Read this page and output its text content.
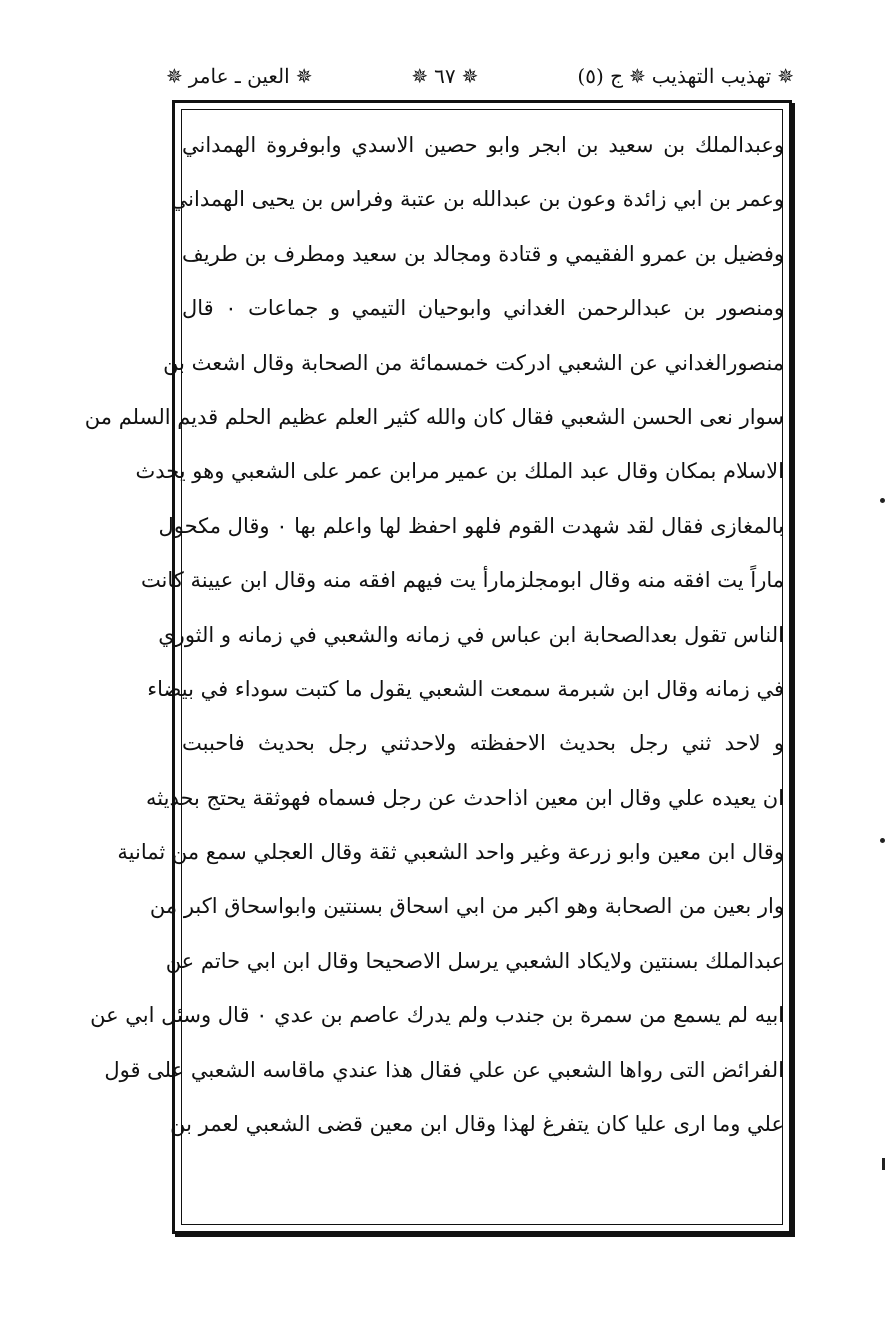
ج (٥) ✵ تهذيب التهذيب ✵
✵ ٦٧ ✵
✵ العين ـ عامر ✵
وعبدالملك بن سعيد بن ابجر وابو حصين الاسدي وابوفروة الهمداني
وعمر بن ابي زائدة وعون بن عبدالله بن عتبة وفراس بن يحيى الهمداني
وفضيل بن عمرو الفقيمي و قتادة ومجالد بن سعيد ومطرف بن طريف
ومنصور بن عبدالرحمن الغداني وابوحيان التيمي و جماعات ٠ قال
منصورالغداني عن الشعبي ادركت خمسمائة من الصحابة وقال اشعث بن
سوار نعى الحسن الشعبي فقال كان والله كثير العلم عظيم الحلم قديم السلم من
الاسلام بمكان وقال عبد الملك بن عمير مرابن عمر على الشعبي وهو يحدث
بالمغازى فقال لقد شهدت القوم فلهو احفظ لها واعلم بها ٠ وقال مكحول
ماراً يت افقه منه وقال ابومجلزمارأ يت فيهم افقه منه وقال ابن عيينة كانت
الناس تقول بعدالصحابة ابن عباس في زمانه والشعبي في زمانه و الثوري
في زمانه وقال ابن شبرمة سمعت الشعبي يقول ما كتبت سوداء في بيضاء
و لاحد ثني رجل بحديث الاحفظته ولاحدثني رجل بحديث فاحببت
ان يعيده علي وقال ابن معين اذاحدث عن رجل فسماه فهوثقة يحتج بحديثه
وقال ابن معين وابو زرعة وغير واحد الشعبي ثقة وقال العجلي سمع من ثمانية
وار بعين من الصحابة وهو اكبر من ابي اسحاق بسنتين وابواسحاق اكبر من
عبدالملك بسنتين ولايكاد الشعبي يرسل الاصحيحا وقال ابن ابي حاتم عن
ابيه لم يسمع من سمرة بن جندب ولم يدرك عاصم بن عدي ٠ قال وسئل ابي عن
الفرائض التى رواها الشعبي عن علي فقال هذا عندي ماقاسه الشعبي على قول
علي وما ارى عليا كان يتفرغ لهذا وقال ابن معين قضى الشعبي لعمر بن
